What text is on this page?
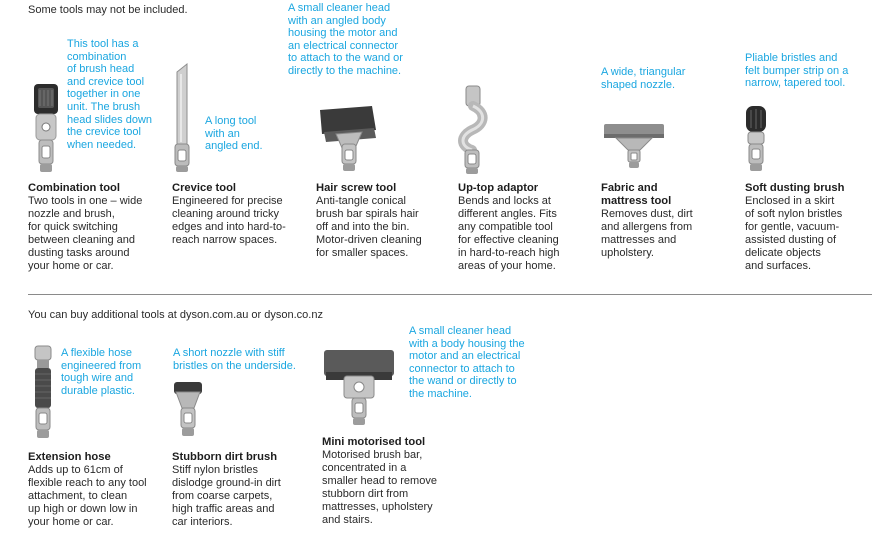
Some tools may not be included.
This tool has a
combination
of brush head
and crevice tool
together in one
unit. The brush
head slides down
the crevice tool
when needed.
Combination tool
Two tools in one – wide
nozzle and brush,
for quick switching
between cleaning and
dusting tasks around
your home or car.
A long tool
with an
angled end.
Crevice tool
Engineered for precise
cleaning around tricky
edges and into hard-to-
reach narrow spaces.
A small cleaner head
with an angled body
housing the motor and
an electrical connector
to attach to the wand or
directly to the machine.
Hair screw tool
Anti-tangle conical
brush bar spirals hair
off and into the bin.
Motor-driven cleaning
for smaller spaces.
Up-top adaptor
Bends and locks at
different angles. Fits
any compatible tool
for effective cleaning
in hard-to-reach high
areas of your home.
A wide, triangular
shaped nozzle.
Fabric and
mattress tool
Removes dust, dirt
and allergens from
mattresses and
upholstery.
Pliable bristles and
felt bumper strip on a
narrow, tapered tool.
Soft dusting brush
Enclosed in a skirt
of soft nylon bristles
for gentle, vacuum-
assisted dusting of
delicate objects
and surfaces.
You can buy additional tools at dyson.com.au or dyson.co.nz
A flexible hose
engineered from
tough wire and
durable plastic.
Extension hose
Adds up to 61cm of
flexible reach to any tool
attachment, to clean
up high or down low in
your home or car.
A short nozzle with stiff
bristles on the underside.
Stubborn dirt brush
Stiff nylon bristles
dislodge ground-in dirt
from coarse carpets,
high traffic areas and
car interiors.
A small cleaner head
with a body housing the
motor and an electrical
connector to attach to
the wand or directly to
the machine.
Mini motorised tool
Motorised brush bar,
concentrated in a
smaller head to remove
stubborn dirt from
mattresses, upholstery
and stairs.
